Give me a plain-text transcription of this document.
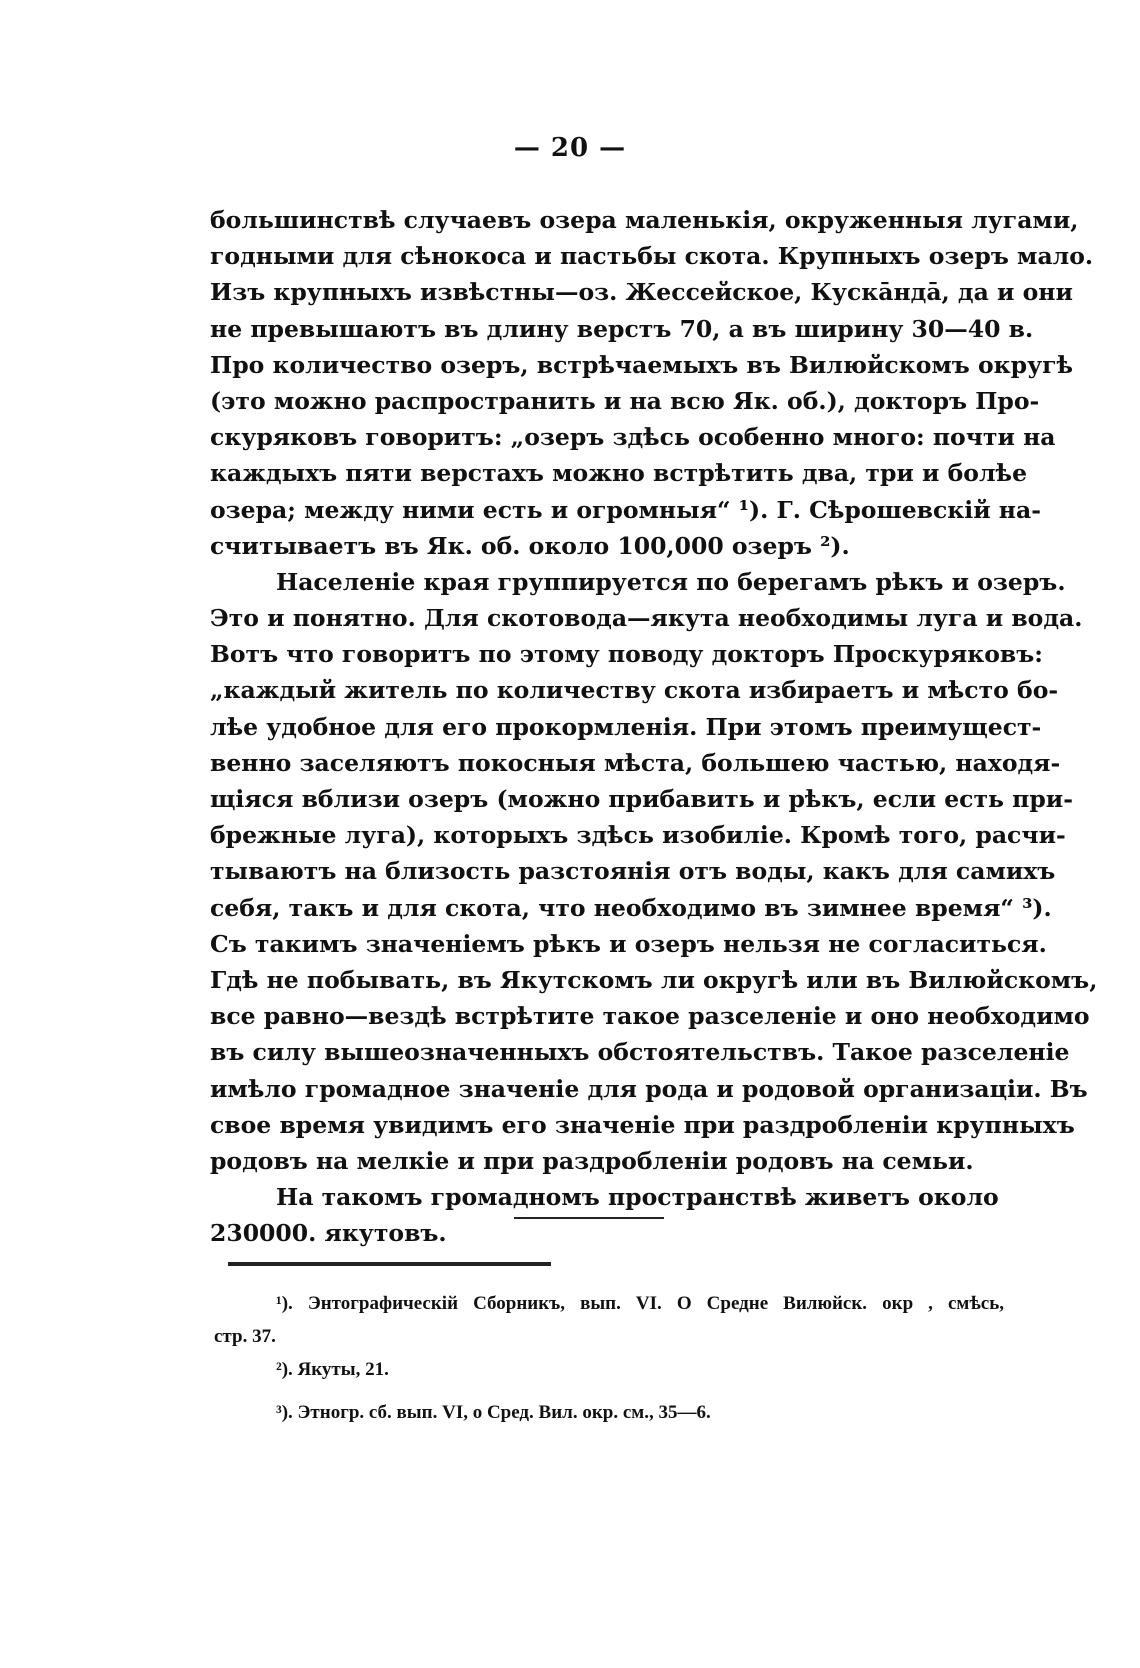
— 20 —
большинствѣ случаевъ озера маленькія, окруженныя лугами,
годными для сѣнокоса и пастьбы скота. Крупныхъ озеръ мало.
Изъ крупныхъ извѣстны—оз. Жессейское, Кускāндā, да и они
не превышаютъ въ длину верстъ 70, а въ ширину 30—40 в.
Про количество озеръ, встрѣчаемыхъ въ Вилюйскомъ округѣ
(это можно распространить и на всю Як. об.), докторъ Про-
скуряковъ говоритъ: „озеръ здѣсь особенно много: почти на
каждыхъ пяти верстахъ можно встрѣтить два, три и болѣе
озера; между ними есть и огромныя“ ¹). Г. Сѣрошевскій на-
считываетъ въ Як. об. около 100,000 озеръ ²).
Населеніе края группируется по берегамъ рѣкъ и озеръ.
Это и понятно. Для скотовода—якута необходимы луга и вода.
Вотъ что говоритъ по этому поводу докторъ Проскуряковъ:
„каждый житель по количеству скота избираетъ и мѣсто бо-
лѣе удобное для его прокормленія. При этомъ преимущест-
венно заселяютъ покосныя мѣста, большею частью, находя-
щіяся вблизи озеръ (можно прибавить и рѣкъ, если есть при-
брежные луга), которыхъ здѣсь изобиліе. Кромѣ того, расчи-
тываютъ на близость разстоянія отъ воды, какъ для самихъ
себя, такъ и для скота, что необходимо въ зимнее время“ ³).
Съ такимъ значеніемъ рѣкъ и озеръ нельзя не согласиться.
Гдѣ не побывать, въ Якутскомъ ли округѣ или въ Вилюйскомъ,
все равно—вездѣ встрѣтите такое разселеніе и оно необходимо
въ силу вышеозначенныхъ обстоятельствъ. Такое разселеніе
имѣло громадное значеніе для рода и родовой организаціи. Въ
свое время увидимъ его значеніе при раздробленіи крупныхъ
родовъ на мелкіе и при раздробленіи родовъ на семьи.
На такомъ громадномъ пространствѣ живетъ около
230000. якутовъ.
¹). Энтографическій Сборникъ, вып. VI. О Средне Вилюйск. окр , смѣсь,
стр. 37.
²). Якуты, 21.
³). Этногр. сб. вып. VI, о Сред. Вил. окр. см., 35—6.
